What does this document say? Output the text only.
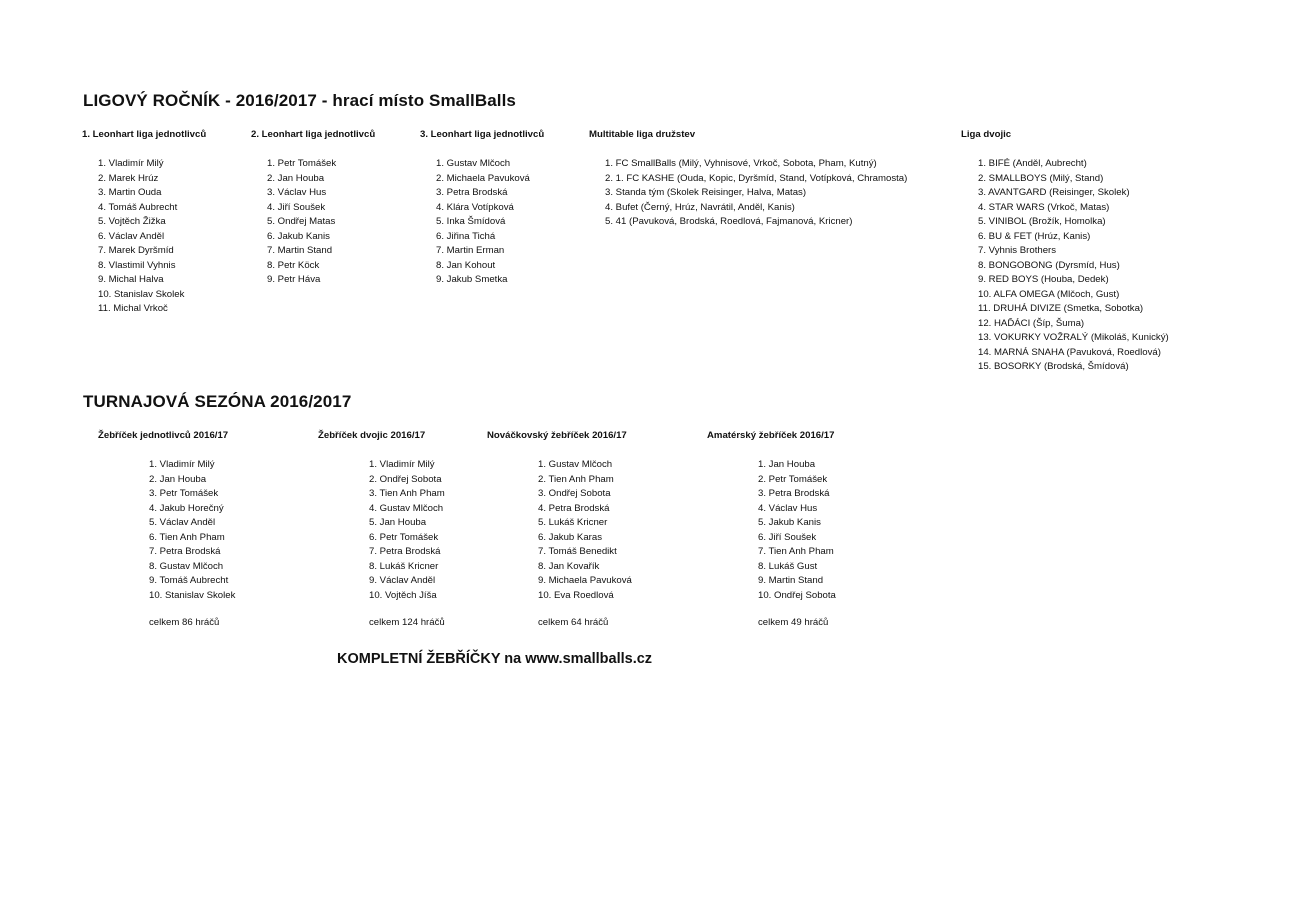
LIGOVÝ ROČNÍK - 2016/2017 - hrací místo SmallBalls

1. Leonhart liga jednotlivců

1. Vladimír Milý
2. Marek Hrúz
3. Martin Ouda
4. Tomáš Aubrecht
5. Vojtěch Žižka
6. Václav Anděl
7. Marek Dyršmíd
8. Vlastimil Vyhnis
9. Michal Halva
10. Stanislav Skolek
11. Michal Vrkoč

2. Leonhart liga jednotlivců

1. Petr Tomášek
2. Jan Houba
3. Václav Hus
4. Jiří Soušek
5. Ondřej Matas
6. Jakub Kanis
7. Martin Stand
8. Petr Köck
9. Petr Háva

3. Leonhart liga jednotlivců

1. Gustav Mlčoch
2. Michaela Pavuková
3. Petra Brodská
4. Klára Votípková
5. Inka Šmídová
6. Jiřina Tichá
7. Martin Erman
8. Jan Kohout
9. Jakub Smetka

Multitable liga družstev

1. FC SmallBalls (Milý, Vyhnisové, Vrkoč, Sobota, Pham, Kutný)
2. 1. FC KASHE (Ouda, Kopic, Dyršmíd, Stand, Votípková, Chramosta)
3. Standa tým (Skolek Reisinger, Halva, Matas)
4. Bufet (Černý, Hrúz, Navrátil, Anděl, Kanis)
5. 41 (Pavuková, Brodská, Roedlová, Fajmanová, Kricner)

Liga dvojic

1. BIFÉ (Anděl, Aubrecht)
2. SMALLBOYS (Milý, Stand)
3. AVANTGARD (Reisinger, Skolek)
4. STAR WARS (Vrkoč, Matas)
5. VINIBOL (Brožík, Homolka)
6. BU & FET (Hrúz, Kanis)
7. Vyhnis Brothers
8. BONGOBONG (Dyrsmíd, Hus)
9. RED BOYS (Houba, Dedek)
10. ALFA OMEGA (Mlčoch, Gust)
11. DRUHÁ DIVIZE (Smetka, Sobotka)
12. HAĎÁCI (Šíp, Šuma)
13. VOKURKY VOŽRALÝ (Mikoláš, Kunický)
14. MARNÁ SNAHA (Pavuková, Roedlová)
15. BOSORKY (Brodská, Šmídová)
TURNAJOVÁ SEZÓNA 2016/2017

Žebříček jednotlivců 2016/17

1. Vladimír Milý
2. Jan Houba
3. Petr Tomášek
4. Jakub Horečný
5. Václav Anděl
6. Tien Anh Pham
7. Petra Brodská
8. Gustav Mlčoch
9. Tomáš Aubrecht
10. Stanislav Skolek
celkem 86 hráčů

Žebříček dvojic 2016/17

1. Vladimír Milý
2. Ondřej Sobota
3. Tien Anh Pham
4. Gustav Mlčoch
5. Jan Houba
6. Petr Tomášek
7. Petra Brodská
8. Lukáš Kricner
9. Václav Anděl
10. Vojtěch Jíša
celkem 124 hráčů

Nováčkovský žebříček 2016/17

1. Gustav Mlčoch
2. Tien Anh Pham
3. Ondřej Sobota
4. Petra Brodská
5. Lukáš Kricner
6. Jakub Karas
7. Tomáš Benedikt
8. Jan Kovařík
9. Michaela Pavuková
10. Eva Roedlová
celkem 64 hráčů

Amatérský žebříček 2016/17

1. Jan Houba
2. Petr Tomášek
3. Petra Brodská
4. Václav Hus
5. Jakub Kanis
6. Jiří Soušek
7. Tien Anh Pham
8. Lukáš Gust
9. Martin Stand
10. Ondřej Sobota
celkem 49 hráčů
KOMPLETNÍ ŽEBŘÍČKY na www.smallballs.cz
